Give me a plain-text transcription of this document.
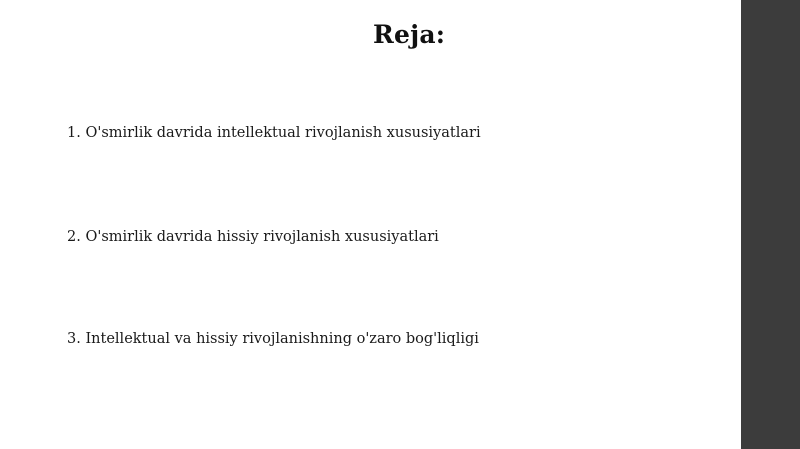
Reja:
1. O'smirlik davrida intellektual rivojlanish xususiyatlari
2. O'smirlik davrida hissiy rivojlanish xususiyatlari
3. Intellektual va hissiy rivojlanishning o'zaro bog'liqligi
